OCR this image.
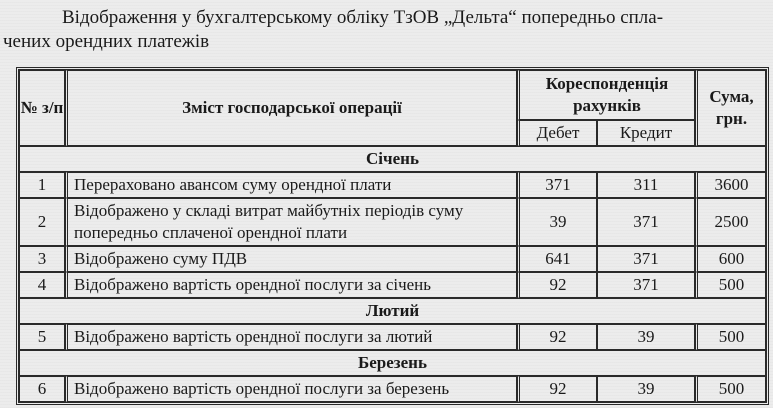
Відображення у бухгалтерському обліку ТзОВ „Дельта“ попередньо спла-
чених орендних платежів

№ з/п	Зміст господарської операції	Кореспонденція рахунків		Сума, грн.
		Дебет	Кредит	
Січень				
1	Перераховано авансом суму орендної плати	371	311	3600
2	Відображено у складі витрат майбутніх періодів суму попередньо сплаченої орендної плати	39	371	2500
3	Відображено суму ПДВ	641	371	600
4	Відображено вартість орендної послуги за січень	92	371	500
Лютий				
5	Відображено вартість орендної послуги за лютий	92	39	500
Березень				
6	Відображено вартість орендної послуги за березень	92	39	500
